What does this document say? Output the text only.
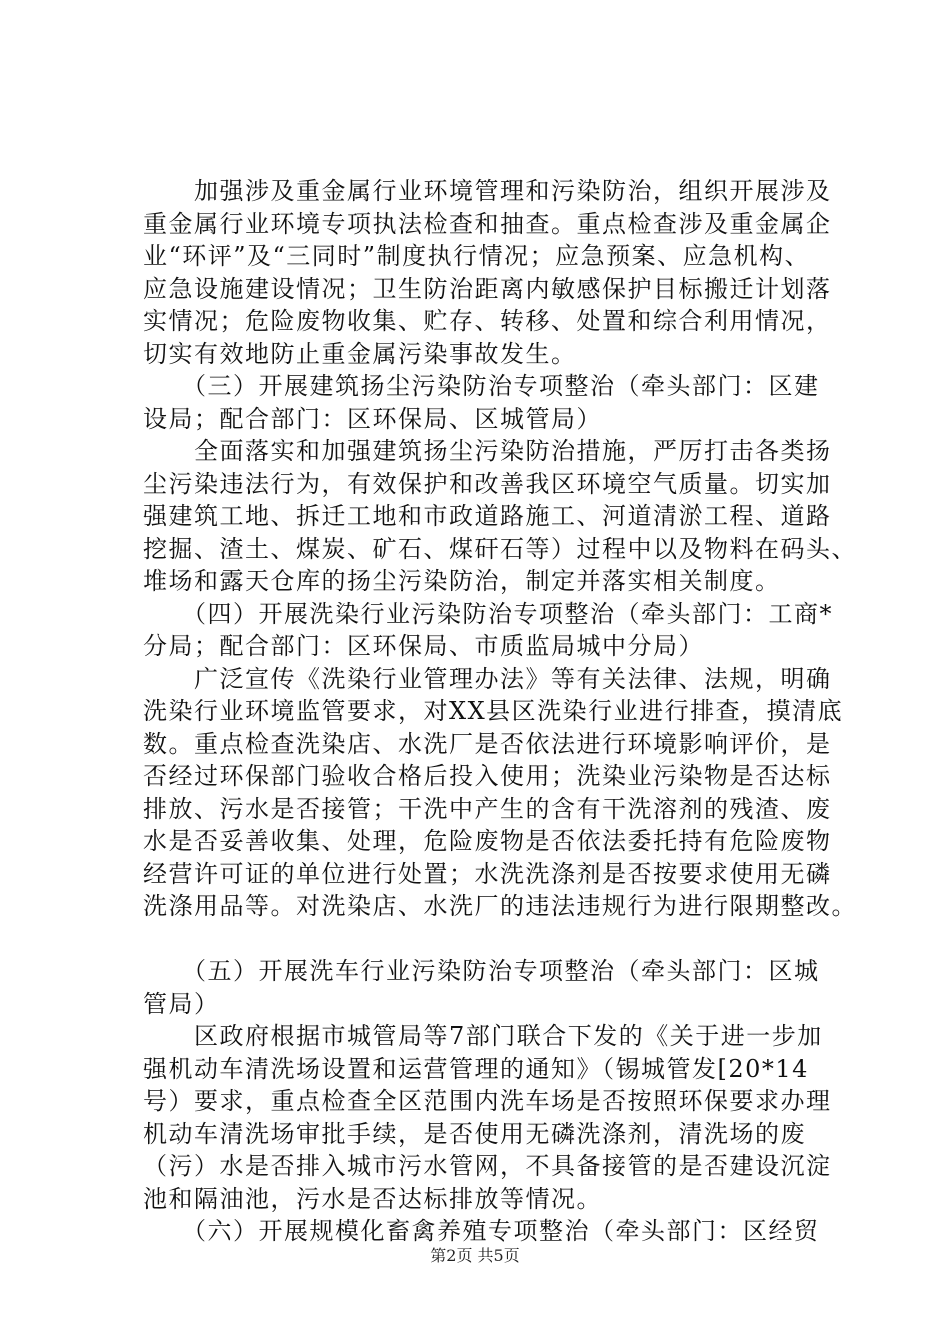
　　加强涉及重金属行业环境管理和污染防治，组织开展涉及
重金属行业环境专项执法检查和抽查。重点检查涉及重金属企
业“环评”及“三同时”制度执行情况；应急预案、应急机构、
应急设施建设情况；卫生防治距离内敏感保护目标搬迁计划落
实情况；危险废物收集、贮存、转移、处置和综合利用情况，
切实有效地防止重金属污染事故发生。
　　（三）开展建筑扬尘污染防治专项整治（牵头部门：区建
设局；配合部门：区环保局、区城管局）
　　全面落实和加强建筑扬尘污染防治措施，严厉打击各类扬
尘污染违法行为，有效保护和改善我区环境空气质量。切实加
强建筑工地、拆迁工地和市政道路施工、河道清淤工程、道路
挖掘、渣土、煤炭、矿石、煤矸石等）过程中以及物料在码头、
堆场和露天仓库的扬尘污染防治，制定并落实相关制度。
　　（四）开展洗染行业污染防治专项整治（牵头部门：工商*
分局；配合部门：区环保局、市质监局城中分局）
　　广泛宣传《洗染行业管理办法》等有关法律、法规，明确
洗染行业环境监管要求，对XX县区洗染行业进行排查，摸清底
数。重点检查洗染店、水洗厂是否依法进行环境影响评价，是
否经过环保部门验收合格后投入使用；洗染业污染物是否达标
排放、污水是否接管；干洗中产生的含有干洗溶剂的残渣、废
水是否妥善收集、处理，危险废物是否依法委托持有危险废物
经营许可证的单位进行处置；水洗洗涤剂是否按要求使用无磷
洗涤用品等。对洗染店、水洗厂的违法违规行为进行限期整改。
　　（五）开展洗车行业污染防治专项整治（牵头部门：区城
管局）
　　区政府根据市城管局等7部门联合下发的《关于进一步加
强机动车清洗场设置和运营管理的通知》（锡城管发[20*14
号）要求，重点检查全区范围内洗车场是否按照环保要求办理
机动车清洗场审批手续，是否使用无磷洗涤剂，清洗场的废
（污）水是否排入城市污水管网，不具备接管的是否建设沉淀
池和隔油池，污水是否达标排放等情况。
　　（六）开展规模化畜禽养殖专项整治（牵头部门：区经贸
第2页 共5页
